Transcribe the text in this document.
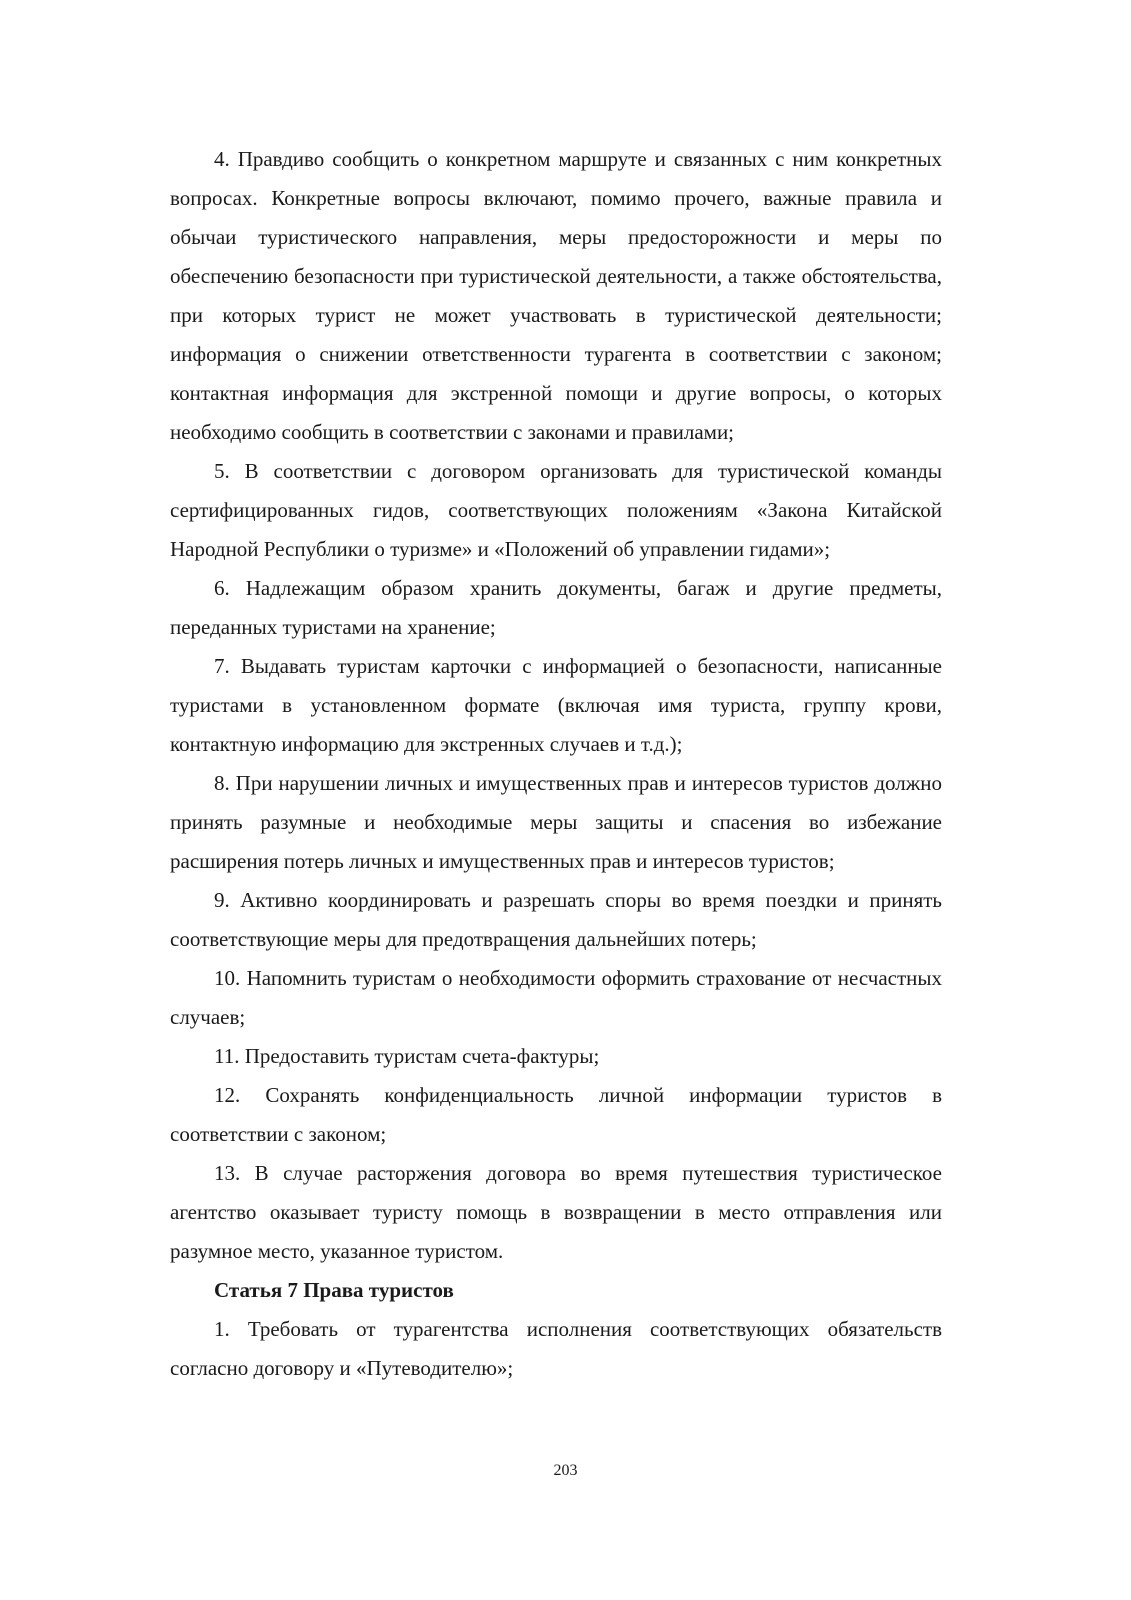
4. Правдиво сообщить о конкретном маршруте и связанных с ним конкретных вопросах. Конкретные вопросы включают, помимо прочего, важные правила и обычаи туристического направления, меры предосторожности и меры по обеспечению безопасности при туристической деятельности, а также обстоятельства, при которых турист не может участвовать в туристической деятельности; информация о снижении ответственности турагента в соответствии с законом; контактная информация для экстренной помощи и другие вопросы, о которых необходимо сообщить в соответствии с законами и правилами;

5. В соответствии с договором организовать для туристической команды сертифицированных гидов, соответствующих положениям «Закона Китайской Народной Республики о туризме» и «Положений об управлении гидами»;

6. Надлежащим образом хранить документы, багаж и другие предметы, переданных туристами на хранение;

7. Выдавать туристам карточки с информацией о безопасности, написанные туристами в установленном формате (включая имя туриста, группу крови, контактную информацию для экстренных случаев и т.д.);

8. При нарушении личных и имущественных прав и интересов туристов должно принять разумные и необходимые меры защиты и спасения во избежание расширения потерь личных и имущественных прав и интересов туристов;

9. Активно координировать и разрешать споры во время поездки и принять соответствующие меры для предотвращения дальнейших потерь;

10. Напомнить туристам о необходимости оформить страхование от несчастных случаев;

11. Предоставить туристам счета-фактуры;

12. Сохранять конфиденциальность личной информации туристов в соответствии с законом;

13. В случае расторжения договора во время путешествия туристическое агентство оказывает туристу помощь в возвращении в место отправления или разумное место, указанное туристом.

Статья 7 Права туристов

1. Требовать от турагентства исполнения соответствующих обязательств согласно договору и «Путеводителю»;

203
